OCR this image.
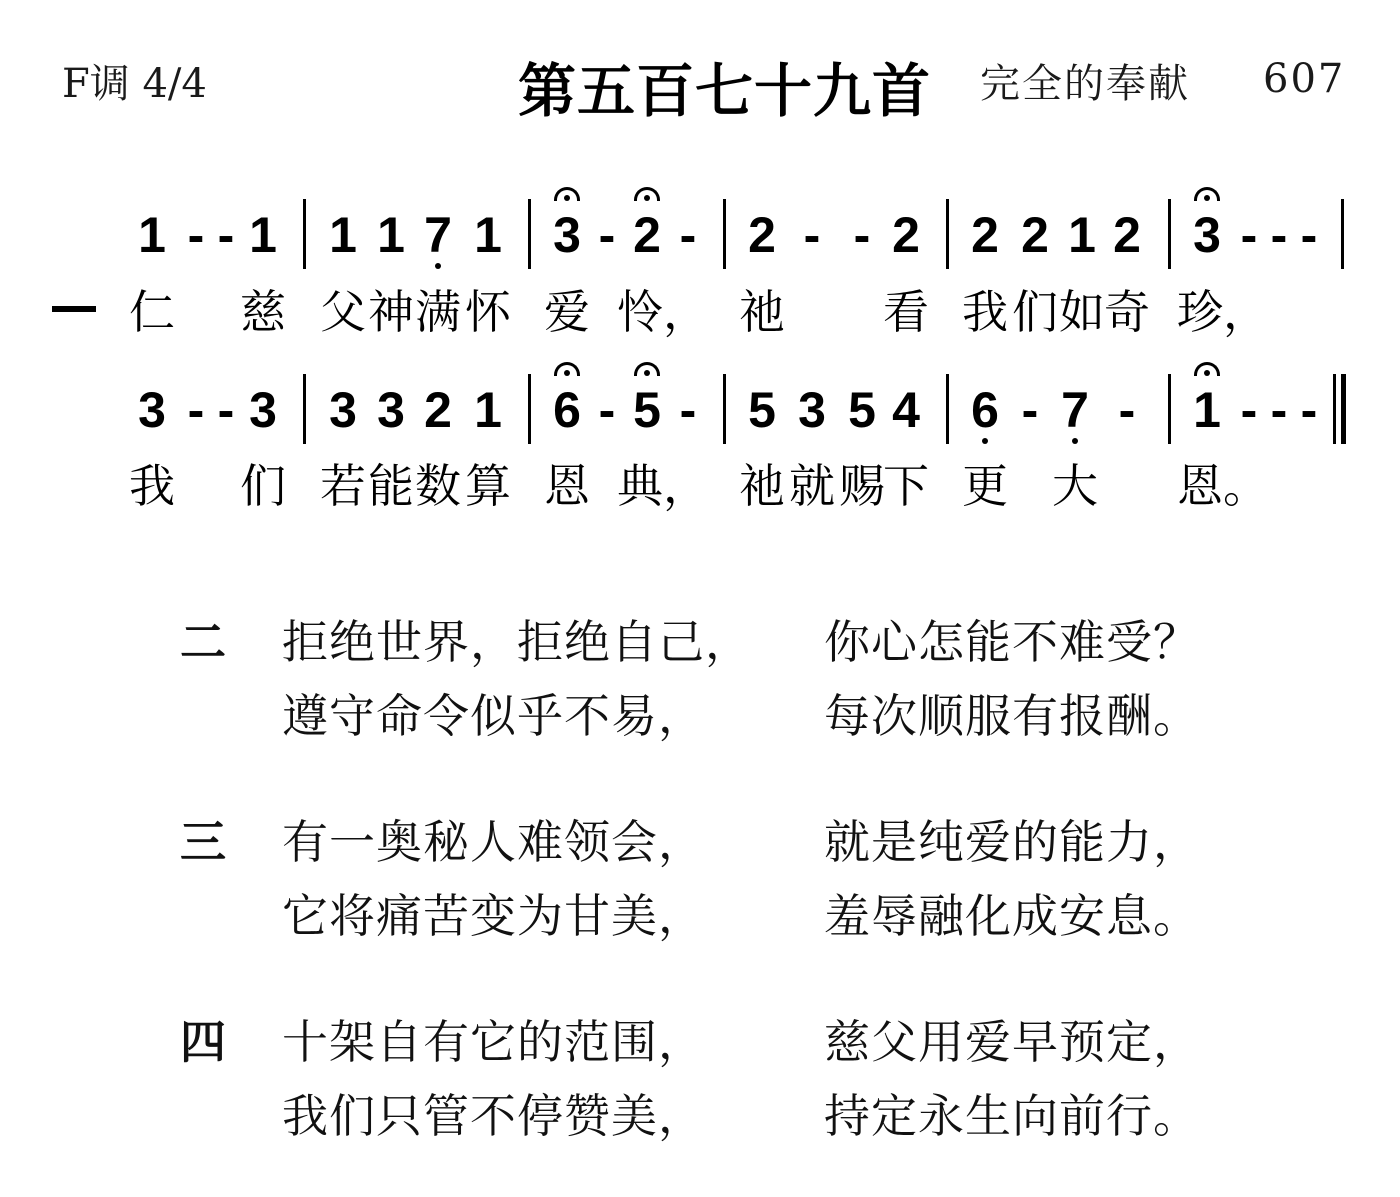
F调 4/4	第五百七十九首 完全的奉献 607
1 - - 1 1 1 7 1 3 - 2 -	2 - - 2 2 2 1 2 3 - - -
仁 慈 父 神 满 怀 爱 怜， 祂 看 我 们 如 奇 珍，
3 - - 3 3 3 2 1 6 - 5 -	5 3 5 4 6 - 7 -	1 - - -
我 们 若 能 数 算 恩 典， 祂 就 赐
下 更 大 恩。
二 拒绝世界，拒绝自己， 你心怎能不难受？
遵守命令似乎不易，	每次顺服有报酬。
三 有一奥秘人难领会，	就是纯爱的能力，
它将痛苦变为甘美，	羞辱融化成安息。
四 十架自有它的范围，	慈父用爱早预定，
我们只管不停赞美，	持定永生向前行。
